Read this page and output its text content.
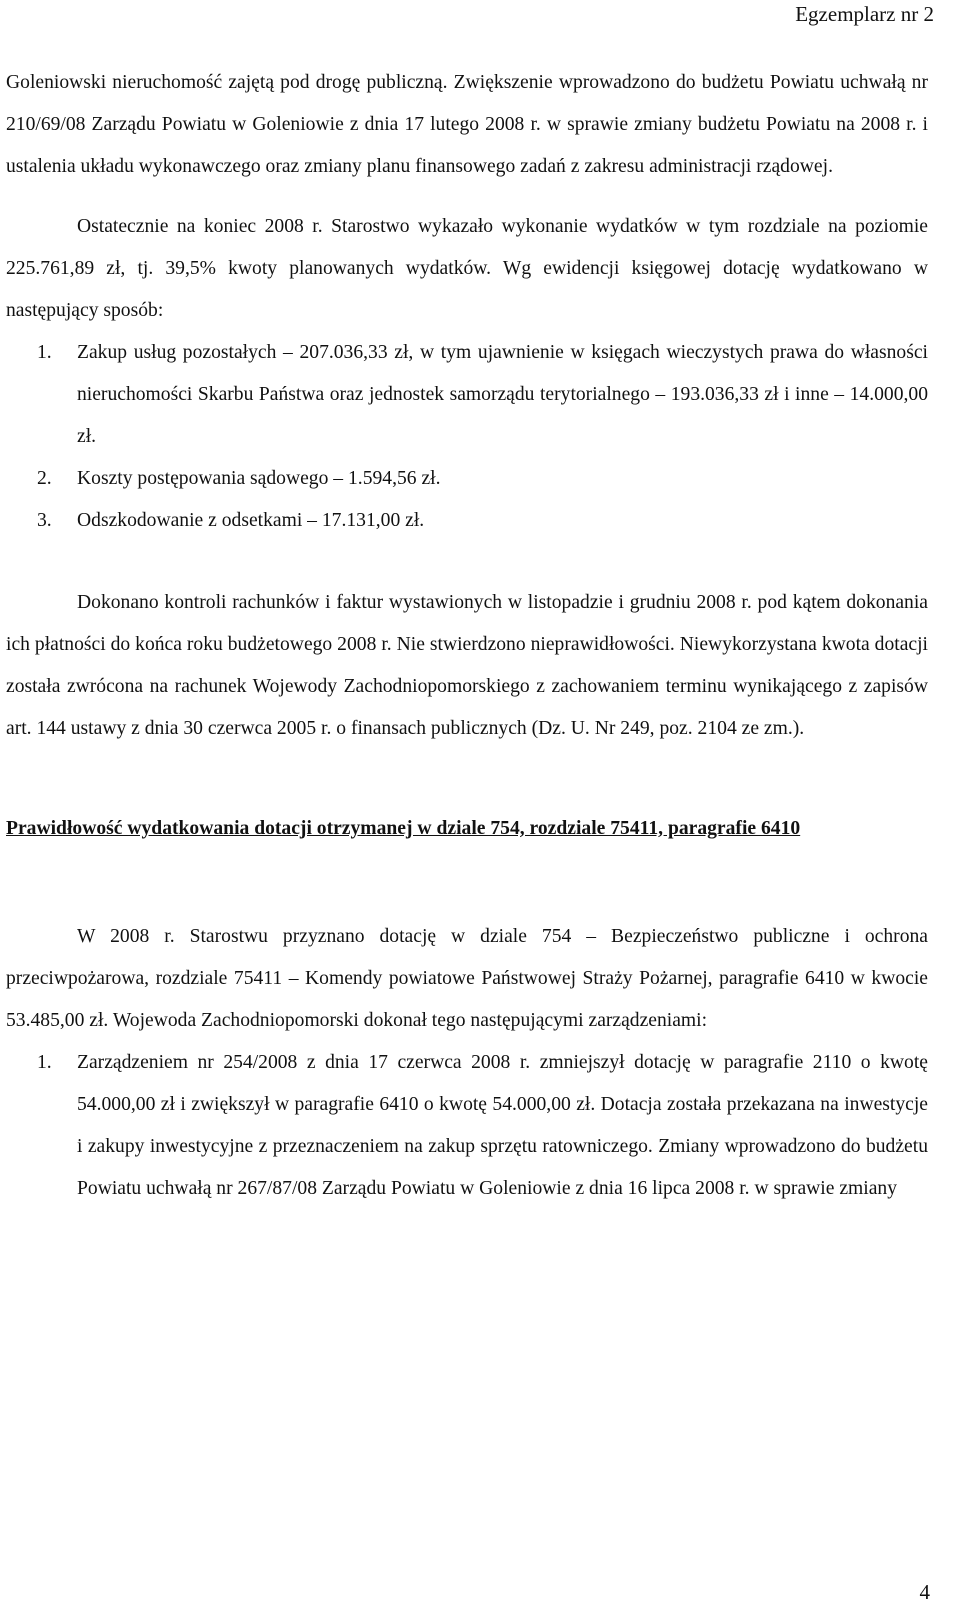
Egzemplarz nr 2

Goleniowski nieruchomość zajętą pod drogę publiczną. Zwiększenie wprowadzono do budżetu Powiatu uchwałą nr 210/69/08 Zarządu Powiatu w Goleniowie z dnia 17 lutego 2008 r. w sprawie zmiany budżetu Powiatu na 2008 r. i ustalenia układu wykonawczego oraz zmiany planu finansowego zadań z zakresu administracji rządowej.

Ostatecznie na koniec 2008 r. Starostwo wykazało wykonanie wydatków w tym rozdziale na poziomie 225.761,89 zł, tj. 39,5% kwoty planowanych wydatków. Wg ewidencji księgowej dotację wydatkowano w następujący sposób:

1.	Zakup usług pozostałych – 207.036,33 zł, w tym ujawnienie w księgach wieczystych prawa do własności nieruchomości Skarbu Państwa oraz jednostek samorządu terytorialnego – 193.036,33 zł i inne – 14.000,00 zł.
2.	Koszty postępowania sądowego – 1.594,56 zł.
3.	Odszkodowanie z odsetkami – 17.131,00 zł.

Dokonano kontroli rachunków i faktur wystawionych w listopadzie i grudniu 2008 r. pod kątem dokonania ich płatności do końca roku budżetowego 2008 r. Nie stwierdzono nieprawidłowości. Niewykorzystana kwota dotacji została zwrócona na rachunek Wojewody Zachodniopomorskiego z zachowaniem terminu wynikającego z zapisów art. 144 ustawy z dnia 30 czerwca 2005 r. o finansach publicznych (Dz. U. Nr 249, poz. 2104 ze zm.).

Prawidłowość wydatkowania dotacji otrzymanej w dziale 754, rozdziale 75411, paragrafie 6410

W 2008 r. Starostwu przyznano dotację w dziale 754 – Bezpieczeństwo publiczne i ochrona przeciwpożarowa, rozdziale 75411 – Komendy powiatowe Państwowej Straży Pożarnej, paragrafie 6410 w kwocie 53.485,00 zł. Wojewoda Zachodniopomorski dokonał tego następującymi zarządzeniami:

1.	Zarządzeniem nr 254/2008 z dnia 17 czerwca 2008 r. zmniejszył dotację w paragrafie 2110 o kwotę 54.000,00 zł i zwiększył w paragrafie 6410 o kwotę 54.000,00 zł. Dotacja została przekazana na inwestycje i zakupy inwestycyjne z przeznaczeniem na zakup sprzętu ratowniczego. Zmiany wprowadzono do budżetu Powiatu uchwałą nr 267/87/08 Zarządu Powiatu w Goleniowie z dnia 16 lipca 2008 r. w sprawie zmiany
4
